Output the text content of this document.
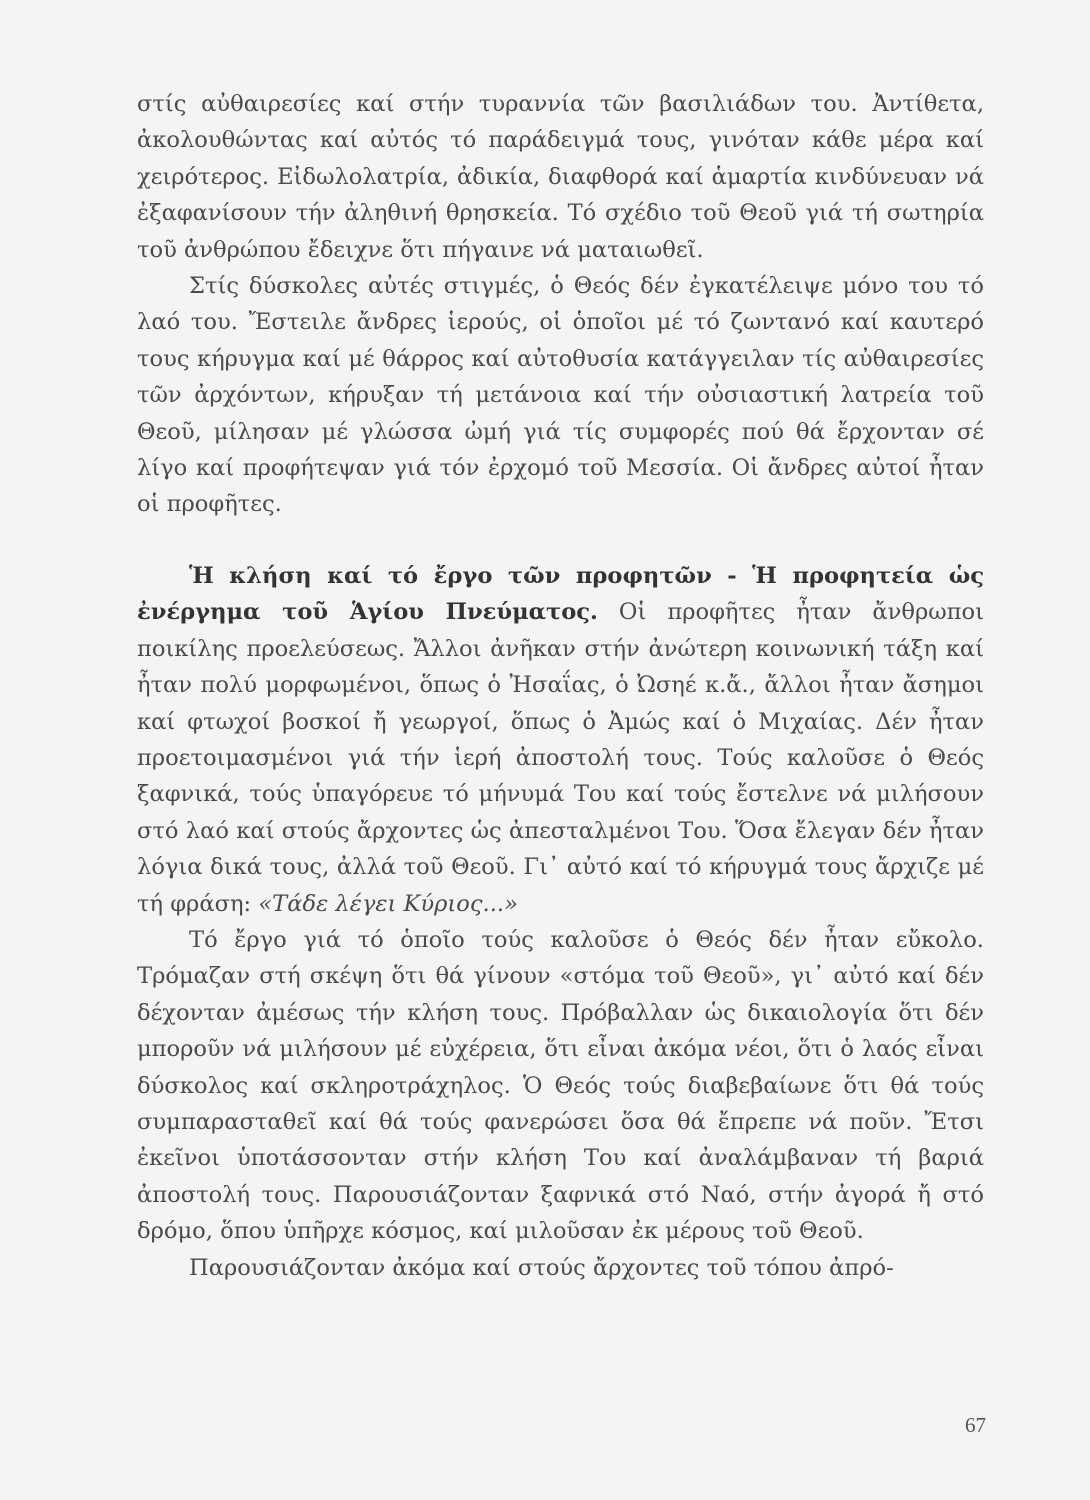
στίς αὐθαιρεσίες καί στήν τυραννία τῶν βασιλιάδων του. Ἀντίθετα, ἀκολουθώντας καί αὐτός τό παράδειγμά τους, γινόταν κάθε μέρα καί χειρότερος. Εἰδωλολατρία, ἀδικία, διαφθορά καί ἁμαρτία κινδύνευαν νά ἐξαφανίσουν τήν ἀληθινή θρησκεία. Τό σχέδιο τοῦ Θεοῦ γιά τή σωτηρία τοῦ ἀνθρώπου ἔδειχνε ὅτι πήγαινε νά ματαιωθεῖ.

Στίς δύσκολες αὐτές στιγμές, ὁ Θεός δέν ἐγκατέλειψε μόνο του τό λαό του. Ἔστειλε ἄνδρες ἱερούς, οἱ ὁποῖοι μέ τό ζωντανό καί καυτερό τους κήρυγμα καί μέ θάρρος καί αὐτοθυσία κατάγγειλαν τίς αὐθαιρεσίες τῶν ἀρχόντων, κήρυξαν τή μετάνοια καί τήν οὐσιαστική λατρεία τοῦ Θεοῦ, μίλησαν μέ γλώσσα ὠμή γιά τίς συμφορές πού θά ἔρχονταν σέ λίγο καί προφήτεψαν γιά τόν ἐρχομό τοῦ Μεσσία. Οἱ ἄνδρες αὐτοί ἦταν οἱ προφῆτες.

Ἡ κλήση καί τό ἔργο τῶν προφητῶν - Ἡ προφητεία ὡς ἐνέργημα τοῦ Ἁγίου Πνεύματος. Οἱ προφῆτες ἦταν ἄνθρωποι ποικίλης προελεύσεως. Ἄλλοι ἀνῆκαν στήν ἀνώτερη κοινωνική τάξη καί ἦταν πολύ μορφωμένοι, ὅπως ὁ Ἠσαΐας, ὁ Ὠσηέ κ.ἄ., ἄλλοι ἦταν ἄσημοι καί φτωχοί βοσκοί ἤ γεωργοί, ὅπως ὁ Ἀμώς καί ὁ Μιχαίας. Δέν ἦταν προετοιμασμένοι γιά τήν ἱερή ἀποστολή τους. Τούς καλοῦσε ὁ Θεός ξαφνικά, τούς ὑπαγόρευε τό μήνυμά Του καί τούς ἔστελνε νά μιλήσουν στό λαό καί στούς ἄρχοντες ὡς ἀπεσταλμένοι Του. Ὅσα ἔλεγαν δέν ἦταν λόγια δικά τους, ἀλλά τοῦ Θεοῦ. Γι᾽ αὐτό καί τό κήρυγμά τους ἄρχιζε μέ τή φράση: «Τάδε λέγει Κύριος...»

Τό ἔργο γιά τό ὁποῖο τούς καλοῦσε ὁ Θεός δέν ἦταν εὔκολο. Τρόμαζαν στή σκέψη ὅτι θά γίνουν «στόμα τοῦ Θεοῦ», γι᾽ αὐτό καί δέν δέχονταν ἀμέσως τήν κλήση τους. Πρόβαλλαν ὡς δικαιολογία ὅτι δέν μποροῦν νά μιλήσουν μέ εὐχέρεια, ὅτι εἶναι ἀκόμα νέοι, ὅτι ὁ λαός εἶναι δύσκολος καί σκληροτράχηλος. Ὁ Θεός τούς διαβεβαίωνε ὅτι θά τούς συμπαρασταθεῖ καί θά τούς φανερώσει ὅσα θά ἔπρεπε νά ποῦν. Ἔτσι ἐκεῖνοι ὑποτάσσονταν στήν κλήση Του καί ἀναλάμβαναν τή βαριά ἀποστολή τους. Παρουσιάζονταν ξαφνικά στό Ναό, στήν ἀγορά ἤ στό δρόμο, ὅπου ὑπῆρχε κόσμος, καί μιλοῦσαν ἐκ μέρους τοῦ Θεοῦ.

Παρουσιάζονταν ἀκόμα καί στούς ἄρχοντες τοῦ τόπου ἀπρό-

67
